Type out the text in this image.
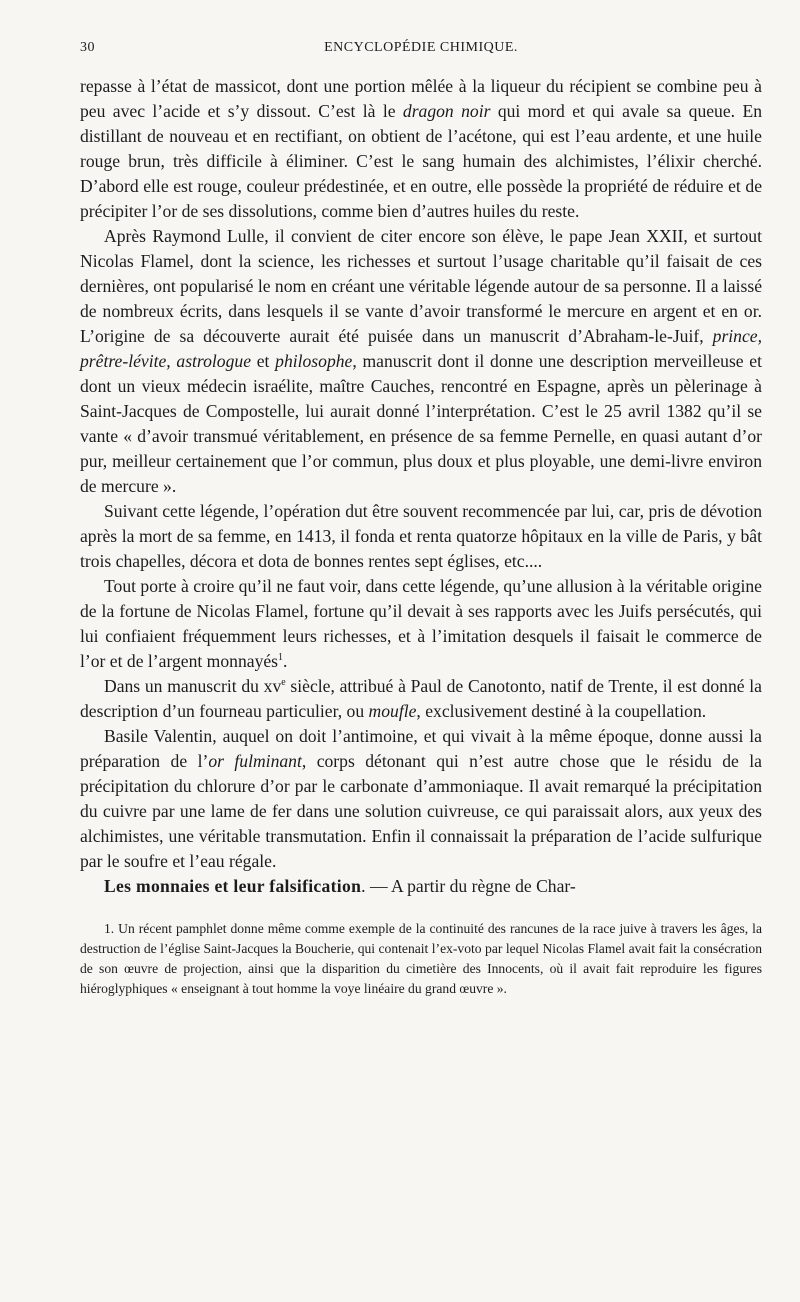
30	ENCYCLOPÉDIE CHIMIQUE.

repasse à l’état de massicot, dont une portion mêlée à la liqueur du récipient se combine peu à peu avec l’acide et s’y dissout. C’est là le dragon noir qui mord et qui avale sa queue. En distillant de nouveau et en rectifiant, on obtient de l’acétone, qui est l’eau ardente, et une huile rouge brun, très difficile à éliminer. C’est le sang humain des alchimistes, l’élixir cherché. D’abord elle est rouge, couleur prédestinée, et en outre, elle possède la propriété de réduire et de précipiter l’or de ses dissolutions, comme bien d’autres huiles du reste.

Après Raymond Lulle, il convient de citer encore son élève, le pape Jean XXII, et surtout Nicolas Flamel, dont la science, les richesses et surtout l’usage charitable qu’il faisait de ces dernières, ont popularisé le nom en créant une véritable légende autour de sa personne. Il a laissé de nombreux écrits, dans lesquels il se vante d’avoir transformé le mercure en argent et en or. L’origine de sa découverte aurait été puisée dans un manuscrit d’Abraham-le-Juif, prince, prêtre-lévite, astrologue et philosophe, manuscrit dont il donne une description merveilleuse et dont un vieux médecin israélite, maître Cauches, rencontré en Espagne, après un pèlerinage à Saint-Jacques de Compostelle, lui aurait donné l’interprétation. C’est le 25 avril 1382 qu’il se vante « d’avoir transmué véritablement, en présence de sa femme Pernelle, en quasi autant d’or pur, meilleur certainement que l’or commun, plus doux et plus ployable, une demi-livre environ de mercure ».

Suivant cette légende, l’opération dut être souvent recommencée par lui, car, pris de dévotion après la mort de sa femme, en 1413, il fonda et renta quatorze hôpitaux en la ville de Paris, y bât trois chapelles, décora et dota de bonnes rentes sept églises, etc....

Tout porte à croire qu’il ne faut voir, dans cette légende, qu’une allusion à la véritable origine de la fortune de Nicolas Flamel, fortune qu’il devait à ses rapports avec les Juifs persécutés, qui lui confiaient fréquemment leurs richesses, et à l’imitation desquels il faisait le commerce de l’or et de l’argent monnayés$^1$.

Dans un manuscrit du $xv^e$ siècle, attribué à Paul de Canotonto, natif de Trente, il est donné la description d’un fourneau particulier, ou moufle, exclusivement destiné à la coupellation.

Basile Valentin, auquel on doit l’antimoine, et qui vivait à la même époque, donne aussi la préparation de l’or fulminant, corps détonant qui n’est autre chose que le résidu de la précipitation du chlorure d’or par le carbonate d’ammoniaque. Il avait remarqué la précipitation du cuivre par une lame de fer dans une solution cuivreuse, ce qui paraissait alors, aux yeux des alchimistes, une véritable transmutation. Enfin il connaissait la préparation de l’acide sulfurique par le soufre et l’eau régale.

Les monnaies et leur falsification. — A partir du règne de Char-

1. Un récent pamphlet donne même comme exemple de la continuité des rancunes de la race juive à travers les âges, la destruction de l’église Saint-Jacques la Boucherie, qui contenait l’ex-voto par lequel Nicolas Flamel avait fait la consécration de son œuvre de projection, ainsi que la disparition du cimetière des Innocents, où il avait fait reproduire les figures hiéroglyphiques « enseignant à tout homme la voye linéaire du grand œuvre ».
